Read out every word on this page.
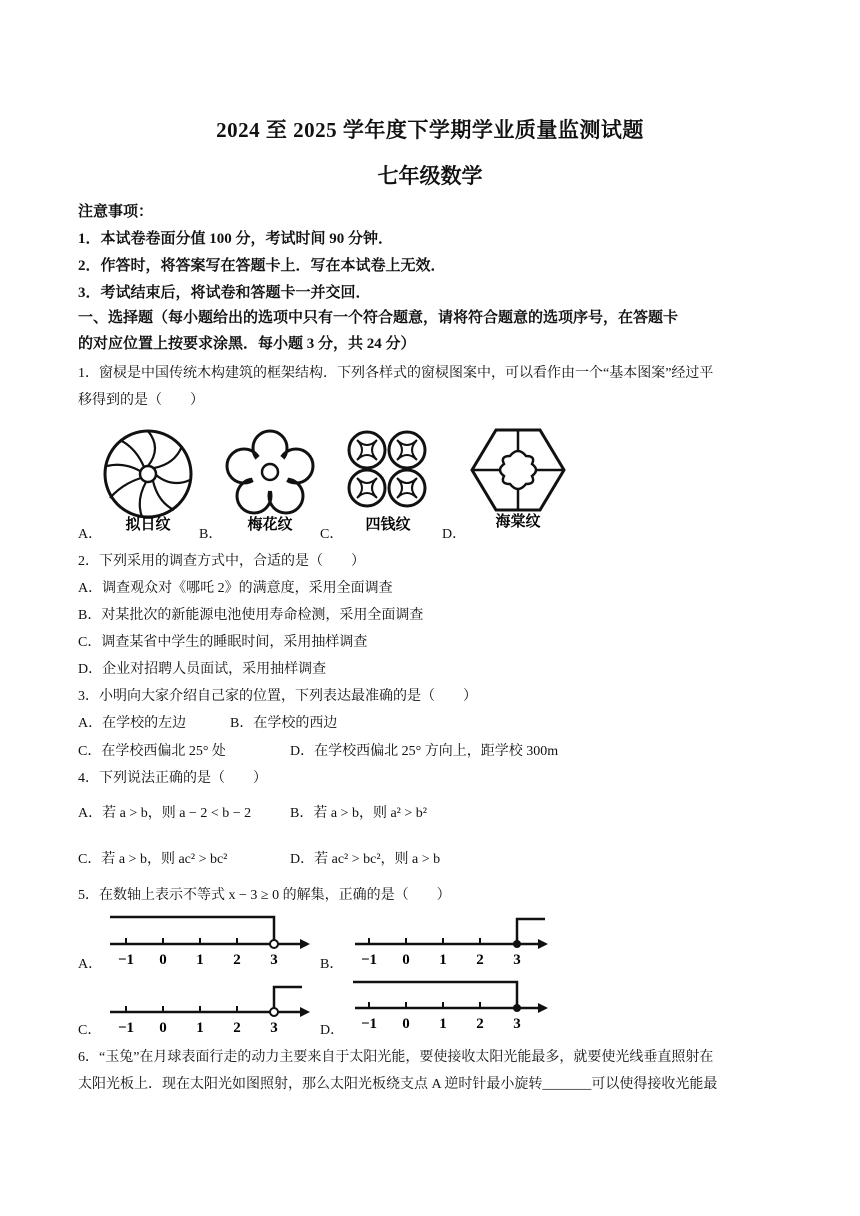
2024 至 2025 学年度下学期学业质量监测试题
七年级数学
注意事项：
1．本试卷卷面分值 100 分，考试时间 90 分钟．
2．作答时，将答案写在答题卡上．写在本试卷上无效．
3．考试结束后，将试卷和答题卡一并交回．
一、选择题（每小题给出的选项中只有一个符合题意，请将符合题意的选项序号，在答题卡
的对应位置上按要求涂黑．每小题 3 分，共 24 分）
1．窗棂是中国传统木构建筑的框架结构．下列各样式的窗棂图案中，可以看作由一个“基本图案”经过平
移得到的是（　　）
拟日纹	梅花纹	四钱纹	海棠纹
A．	B．	C．	D．
2．下列采用的调查方式中，合适的是（　　）
A．调查观众对《哪吒 2》的满意度，采用全面调查
B．对某批次的新能源电池使用寿命检测，采用全面调查
C．调查某省中学生的睡眠时间，采用抽样调查
D．企业对招聘人员面试，采用抽样调查
3．小明向大家介绍自己家的位置，下列表达最准确的是（　　）
A．在学校的左边	B．在学校的西边
C．在学校西偏北 25° 处	D．在学校西偏北 25° 方向上，距学校 300m
4．下列说法正确的是（　　）
A．若 a > b，则 a − 2 < b − 2	B．若 a > b，则 a² > b²
C．若 a > b，则 ac² > bc²	D．若 ac² > bc²，则 a > b
5．在数轴上表示不等式 x − 3 ≥ 0 的解集，正确的是（　　）
−1 0 1 2 3	−1 0 1 2 3
A．	B．
−1 0 1 2 3	−1 0 1 2 3
C．	D．
6．“玉兔”在月球表面行走的动力主要来自于太阳光能，要使接收太阳光能最多，就要使光线垂直照射在
太阳光板上．现在太阳光如图照射，那么太阳光板绕支点 A 逆时针最小旋转_______可以使得接收光能最
